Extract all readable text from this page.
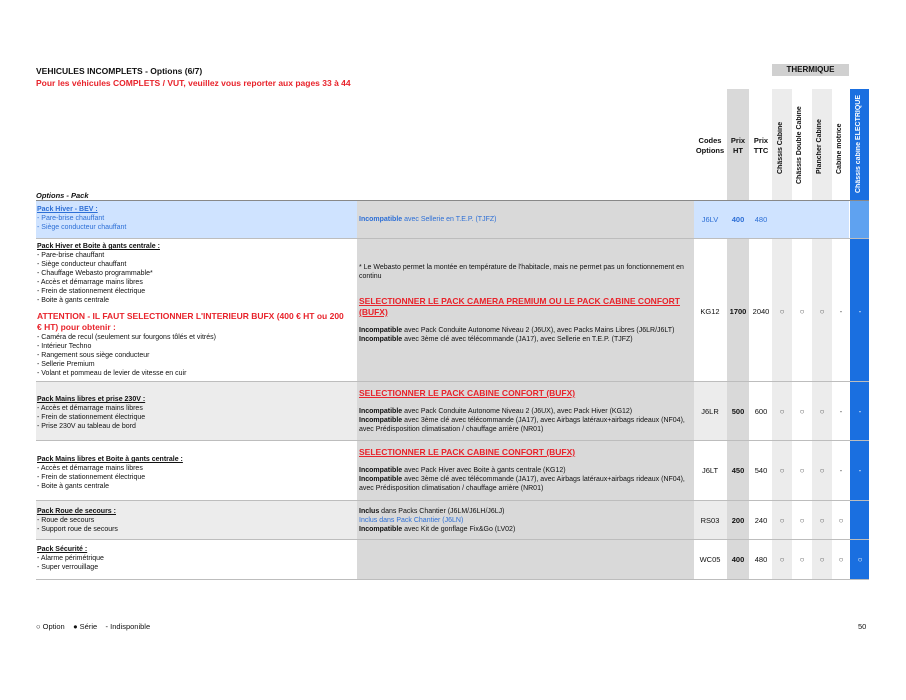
VEHICULES INCOMPLETS - Options (6/7)
Pour les véhicules COMPLETS / VUT, veuillez vous reporter aux pages 33 à 44
THERMIQUE
Codes
Options
Prix
HT
Prix
TTC	Châssis Cabine Châssis Double Cabine Plancher Cabine Cabine motrice Châssis cabine ELECTRIQUE
Options - Pack
Pack Hiver - BEV :
- Pare-brise chauffant
- Siège conducteur chauffant
Incompatible avec Sellerie en T.E.P. (TJFZ)	J6LV	400	480
Pack Hiver et Boite à gants centrale :
- Pare-brise chauffant
- Siège conducteur chauffant
- Chauffage Webasto programmable*
- Accès et démarrage mains libres
- Frein de stationnement électrique
- Boite à gants centrale
ATTENTION - IL FAUT SELECTIONNER L'INTERIEUR BUFX (400 € HT ou 200 € HT) pour obtenir :
- Caméra de recul (seulement sur fourgons tôlés et vitrés)
- Intérieur Techno
- Rangement sous siège conducteur
- Sellerie Premium
- Volant et pommeau de levier de vitesse en cuir
* Le Webasto permet la montée en température de l'habitacle, mais ne permet pas un fonctionnement en continu
SELECTIONNER LE PACK CAMERA PREMIUM OU LE PACK CABINE CONFORT (BUFX)
Incompatible avec Pack Conduite Autonome Niveau 2 (J6UX), avec Packs Mains Libres (J6LR/J6LT)
Incompatible avec 3ème clé avec télécommande (JA17), avec Sellerie en T.E.P. (TJFZ)
KG12	1700 2040	○	○	○	-	-
Pack Mains libres et prise 230V :
- Accès et démarrage mains libres
- Frein de stationnement électrique
- Prise 230V au tableau de bord
SELECTIONNER LE PACK CABINE CONFORT (BUFX)
Incompatible avec Pack Conduite Autonome Niveau 2 (J6UX), avec Pack Hiver (KG12)
Incompatible avec 3ème clé avec télécommande (JA17), avec Airbags latéraux+airbags rideaux (NF04), avec Prédisposition climatisation / chauffage arrière (NR01)
J6LR	500	600	○	○	○	-	-
Pack Mains libres et Boite à gants centrale :
- Accès et démarrage mains libres
- Frein de stationnement électrique
- Boite à gants centrale
SELECTIONNER LE PACK CABINE CONFORT (BUFX)
Incompatible avec Pack Hiver avec Boite à gants centrale (KG12)
Incompatible avec 3ème clé avec télécommande (JA17), avec Airbags latéraux+airbags rideaux (NF04), avec Prédisposition climatisation / chauffage arrière (NR01)
J6LT	450	540	○	○	○	-	-
Pack Roue de secours :
- Roue de secours
- Support roue de secours
Inclus dans Packs Chantier (J6LM/J6LH/J6LJ)
Inclus dans Pack Chantier (J6LN)
Incompatible avec Kit de gonflage Fix&Go (LV02)
RS03	200	240	○	○	○	○
Pack Sécurité :
- Alarme périmétrique
- Super verrouillage
WC05	400	480	○	○	○	○	○
○ Option ● Série - Indisponible	50
